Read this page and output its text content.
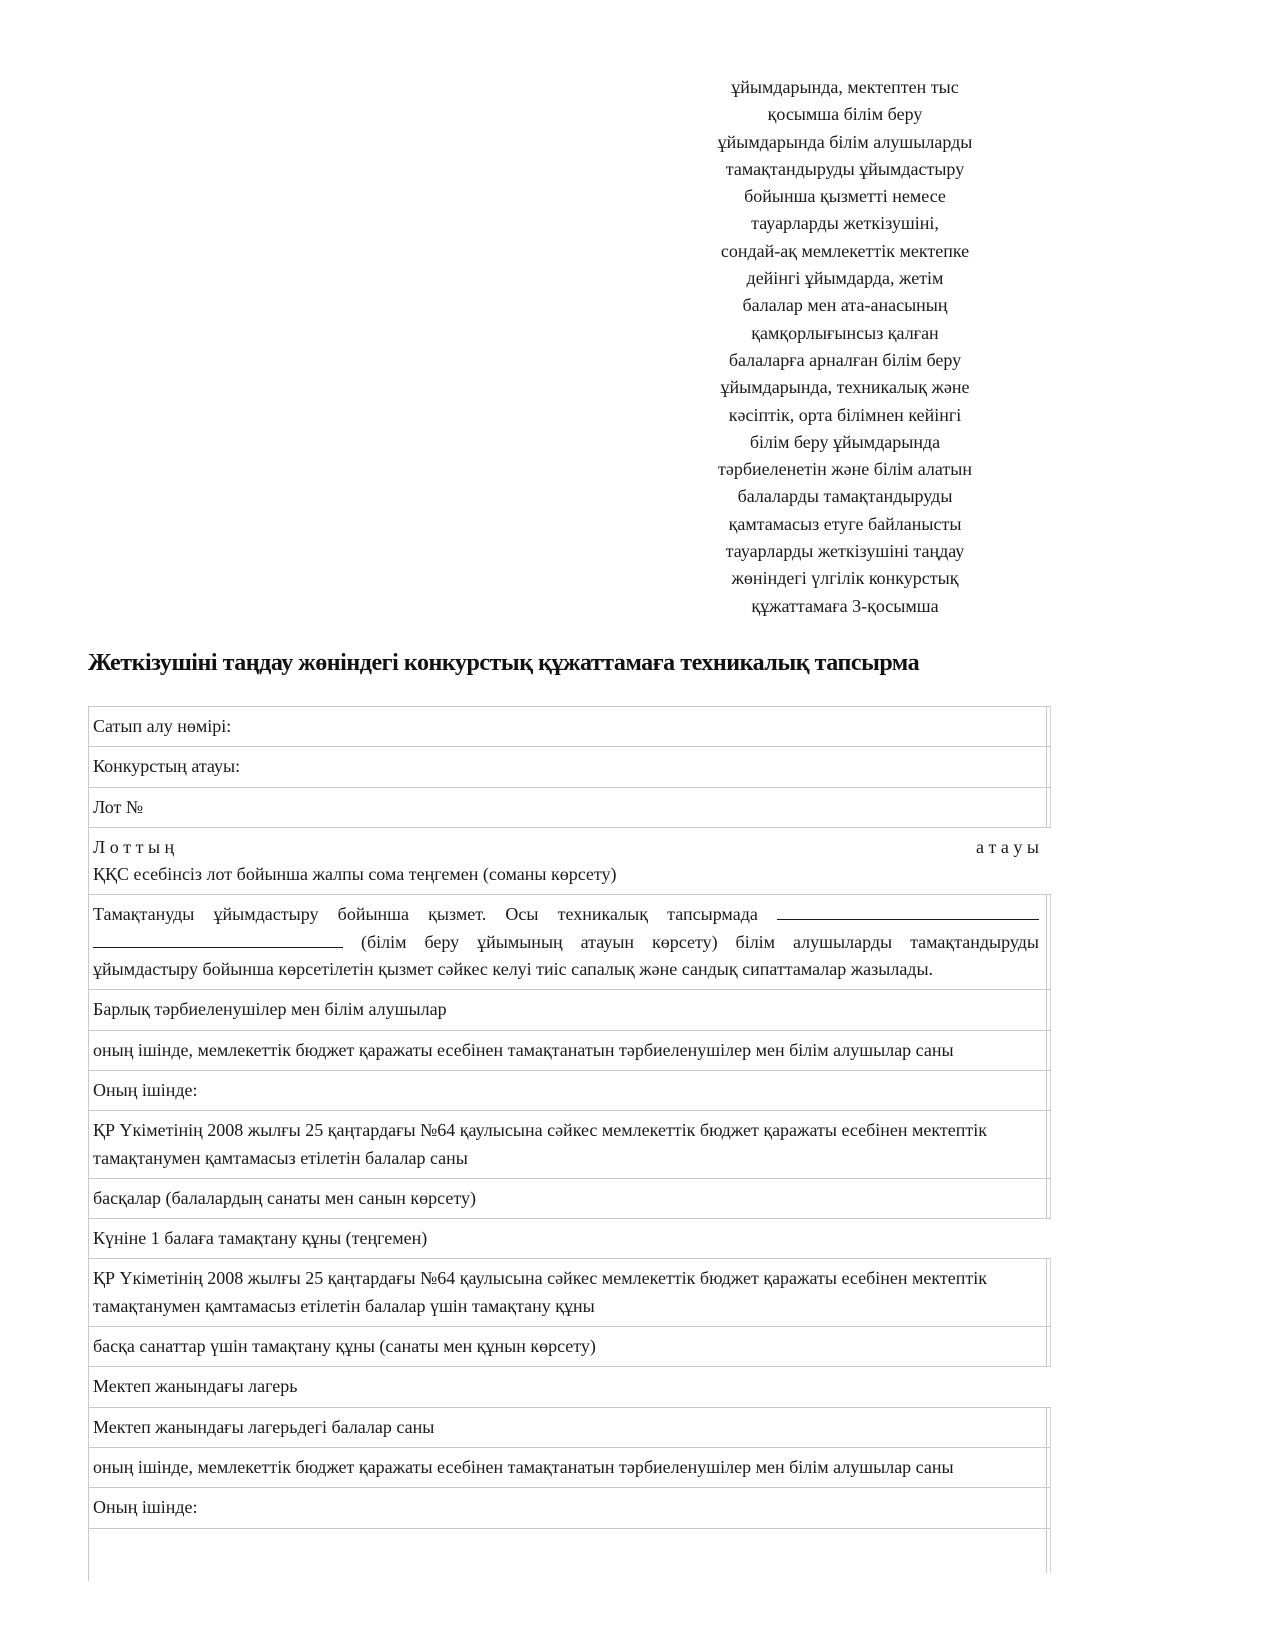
ұйымдарында, мектептен тыс
қосымша білім беру
ұйымдарында білім алушыларды
тамақтандыруды ұйымдастыру
бойынша қызметті немесе
тауарларды жеткізушіні,
сондай-ақ мемлекеттік мектепке
дейінгі ұйымдарда, жетім
балалар мен ата-анасының
қамқорлығынсыз қалған
балаларға арналған білім беру
ұйымдарында, техникалық және
кәсіптік, орта білімнен кейінгі
білім беру ұйымдарында
тәрбиеленетін және білім алатын
балаларды тамақтандыруды
қамтамасыз етуге байланысты
тауарларды жеткізушіні таңдау
жөніндегі үлгілік конкурстық
құжаттамаға 3-қосымша
Жеткізушіні таңдау жөніндегі конкурстық құжаттамаға техникалық тапсырма
Сатып алу нөмірі:
Конкурстың атауы:
Лот №
Л о т т ы ң	а т а у ы
ҚҚС есебінсіз лот бойынша жалпы сома теңгемен (соманы көрсету)
Тамақтануды ұйымдастыру бойынша қызмет. Осы техникалық тапсырмада   (білім беру ұйымының атауын көрсету) білім алушыларды тамақтандыруды ұйымдастыру бойынша көрсетілетін қызмет сәйкес келуі тиіс сапалық және сандық сипаттамалар жазылады.
Барлық тәрбиеленушілер мен білім алушылар
оның ішінде, мемлекеттік бюджет қаражаты есебінен тамақтанатын тәрбиеленушілер мен білім алушылар саны
Оның ішінде:
ҚР Үкіметінің 2008 жылғы 25 қаңтардағы №64 қаулысына сәйкес мемлекеттік бюджет қаражаты есебінен мектептік тамақтанумен қамтамасыз етілетін балалар саны
басқалар (балалардың санаты мен санын көрсету)
Күніне 1 балаға тамақтану құны (теңгемен)
ҚР Үкіметінің 2008 жылғы 25 қаңтардағы №64 қаулысына сәйкес мемлекеттік бюджет қаражаты есебінен мектептік тамақтанумен қамтамасыз етілетін балалар үшін тамақтану құны
басқа санаттар үшін тамақтану құны (санаты мен құнын көрсету)
Мектеп жанындағы лагерь
Мектеп жанындағы лагерьдегі балалар саны
оның ішінде, мемлекеттік бюджет қаражаты есебінен тамақтанатын тәрбиеленушілер мен білім алушылар саны
Оның ішінде:
